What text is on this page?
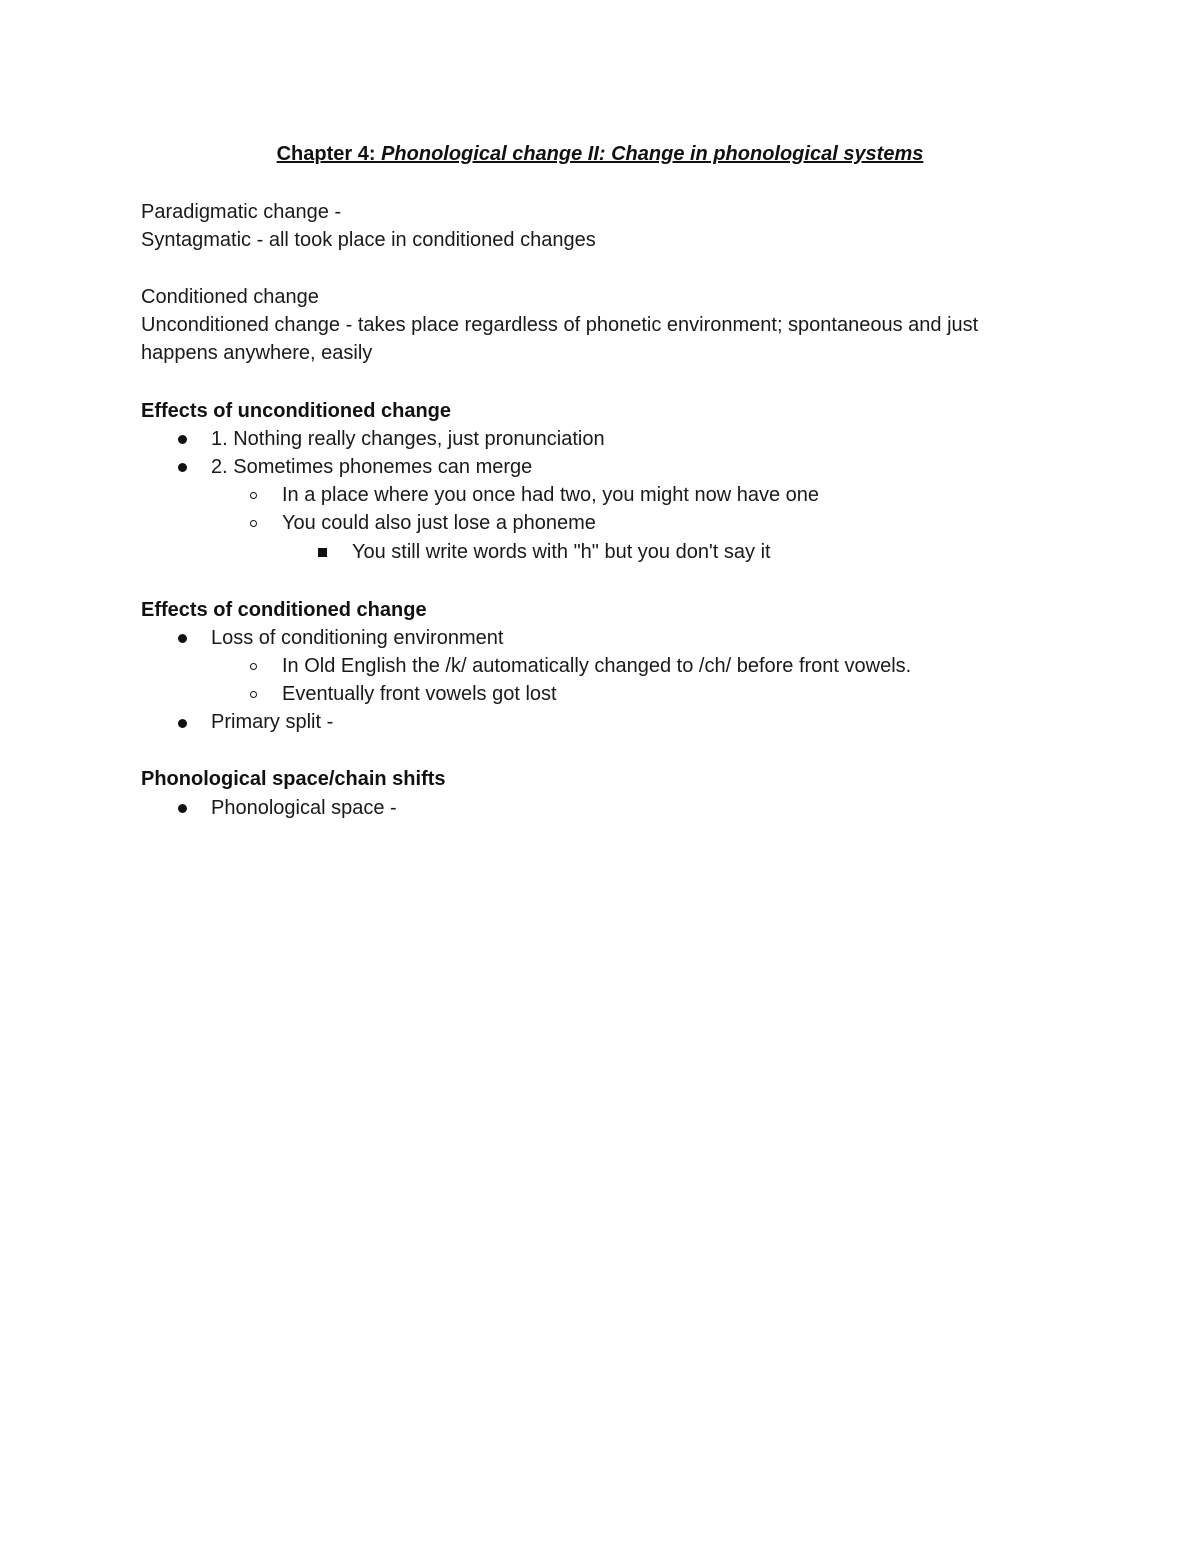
Chapter 4: Phonological change II: Change in phonological systems
Paradigmatic change -
Syntagmatic - all took place in conditioned changes
Conditioned change
Unconditioned change - takes place regardless of phonetic environment; spontaneous and just
happens anywhere, easily
Effects of unconditioned change
1. Nothing really changes, just pronunciation
2. Sometimes phonemes can merge
In a place where you once had two, you might now have one
You could also just lose a phoneme
You still write words with "h" but you don't say it
Effects of conditioned change
Loss of conditioning environment
In Old English the /k/ automatically changed to /ch/ before front vowels.
Eventually front vowels got lost
Primary split -
Phonological space/chain shifts
Phonological space -
